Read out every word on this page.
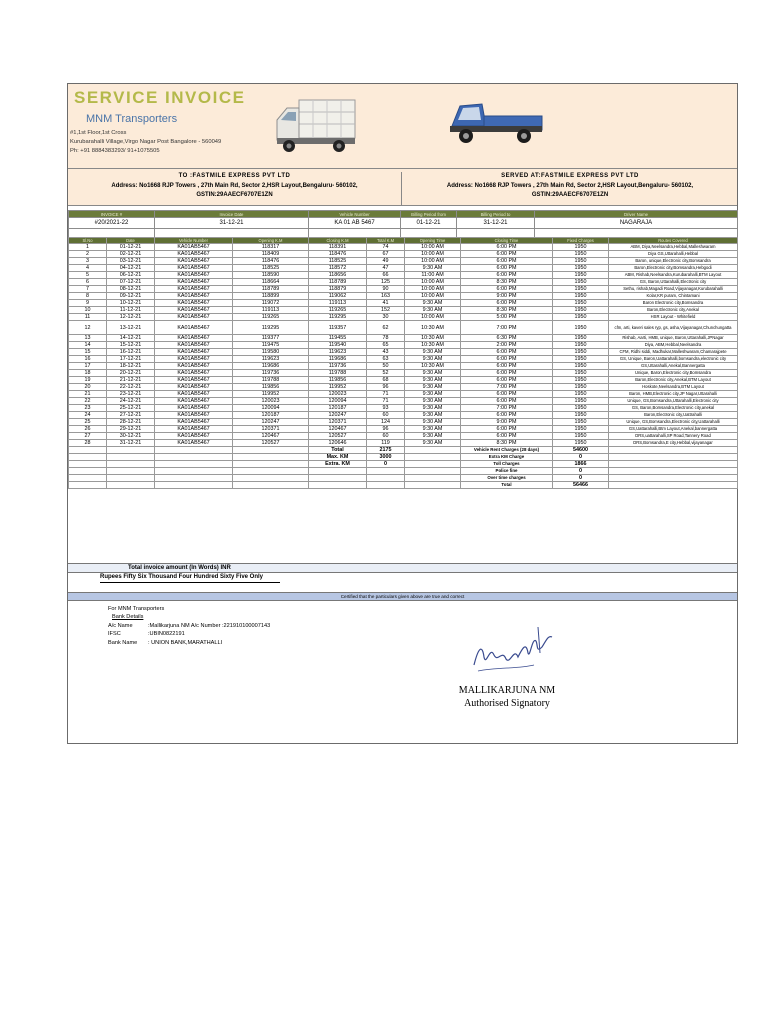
SERVICE INVOICE
MNM Transporters
#1,1st Floor,1st Cross
Kurubarahalli Village,Virgo Nagar Post Bangalore - 560049
Ph: +91 8884383293/ 91+1075505
TO :FASTMILE EXPRESS PVT LTD
Address: No1668 RJP Towers , 27th Main Rd, Sector 2,HSR Layout,Bengaluru- 560102,
GSTIN:29AAECF6707E1ZN
SERVED AT:FASTMILE EXPRESS PVT LTD
Address: No1668 RJP Towers , 27th Main Rd, Sector 2,HSR Layout,Bengaluru- 560102,
GSTIN:29AAECF6707E1ZN
INVOICE #	Invoice Date	Vehicle Number	Billing Period from	Billing Period to	Driver Name
#20/2021-22	31-12-21	KA 01 AB 5467	01-12-21	31-12-21	NAGARAJA

Sl.No	Date	Vehicle Number	Opening K.M	Closing K.M	Total K.M	Opening Time	Closing Time	Fixed Charges	Routes Covered
1	01-12-21	KA01AB5467	118317	118391	74	10:00 AM	6:00 PM	1950	ABM, Diya,Neelsandra,Hebbal,Malleshwaram
2	02-12-21	KA01AB5467	118409	118476	67	10:00 AM	6:00 PM	1950	Diya GS,Uttarahalli,Hebbal
3	03-12-21	KA01AB5467	118476	118525	49	10:00 AM	6:00 PM	1950	Baron, unique,Electronic city,Bomsandra
4	04-12-21	KA01AB5467	118525	118572	47	9:30 AM	6:00 PM	1950	Baron,Electronic city,Bomsandra,Hebgodi
5	06-12-21	KA01AB5467	118590	118656	66	11:00 AM	6:00 PM	1950	ABM, Rishab,Neelsandra,Kurubarahalli,BTM Layout
6	07-12-21	KA01AB5467	118664	118789	125	10:00 AM	8:30 PM	1950	GS, Baron,Uttarahalli,Electronic city
7	08-12-21	KA01AB5467	118789	118879	90	10:00 AM	6:00 PM	1950	Sethu, rishab,Magadi Road,Vijayanagar,Kurubarahalli
8	09-12-21	KA01AB5467	118899	119062	163	10:00 AM	9:00 PM	1950	Kolar,KR puram, Chintamani
9	10-12-21	KA01AB5467	119072	119113	41	9:30 AM	6:00 PM	1950	Baron Electronic city,Bomsandra
10	11-12-21	KA01AB5467	119113	119265	152	9:30 AM	8:30 PM	1950	Baron,Electronic city,Anekal
11	12-12-21	KA01AB5467	119265	119295	30	10:00 AM	5:00 PM	1950	HSR Layout - Whitefield
12	13-12-21	KA01AB5467	119295	119357	62	10:30 AM	7:00 PM	1950	cfm, arti, kaveri sales ryp, gs, asha,Vijayanagar,Chunchungatta
13	14-12-21	KA01AB5467	119377	119455	78	10:30 AM	6:30 PM	1950	Rishab, Aarti, HMB, unique, Baron,Uttarahalli,JPNagar
14	15-12-21	KA01AB5467	119475	119540	65	10:30 AM	2:00 PM	1950	Diya, ABM,Hebbal,Neelsandra
15	16-12-21	KA01AB5467	119580	119623	43	9:30 AM	6:00 PM	1950	CFM, Ridhi siddi, Madhukar,Malleshwaram,Chamarajpete
16	17-12-21	KA01AB5467	119623	119686	63	9:30 AM	6:00 PM	1950	GS, Unique, Baron,Uattarahalli,bomsandra,electronic city
17	18-12-21	KA01AB5467	119686	119736	50	10:30 AM	6:00 PM	1950	GS,Uttarahalli,Anekal,Bannergatta
18	20-12-21	KA01AB5467	119736	119788	52	9:30 AM	6:00 PM	1950	Unique, Baron,Electronic city,Bomsandra
19	21-12-21	KA01AB5467	119788	119856	68	9:30 AM	6:00 PM	1950	Baron,Electronic city,Anekal,BTM Layout
20	22-12-21	KA01AB5467	119856	119952	96	9:30 AM	7:00 PM	1950	Hoskote,Neelsandra,BTM Layout
21	23-12-21	KA01AB5467	119952	120023	71	9:30 AM	6:00 PM	1950	Baron, HMB,Electronic city,JP Nagar,Uttarahalli
22	24-12-21	KA01AB5467	120023	120094	71	9:30 AM	6:00 PM	1950	Unique, GS,Bomsandra,Uttarahalli,Electronic city
23	25-12-21	KA01AB5467	120094	120187	93	9:30 AM	7:00 PM	1950	GS, Baron,Bomsandra,Electronic city,anekal
24	27-12-21	KA01AB5467	120187	120247	60	9:30 AM	6:00 PM	1950	Baron,Electronic city,Uattrahalli
25	28-12-21	KA01AB5467	120247	120371	124	9:30 AM	9:00 PM	1950	Unique, GS,Bomsandra,Electronic city,Uattarahalli
26	29-12-21	KA01AB5467	120371	120467	96	9:30 AM	6:00 PM	1950	GS,Uattarahalli,Btm Layout,Anekal,bannergatta
27	30-12-21	KA01AB5467	120467	120527	60	9:30 AM	6:00 PM	1950	DRS,uattarahalli,SP Road,Tannery Road
28	31-12-21	KA01AB5467	120527	120646	119	9:30 AM	8:30 PM	1950	DRS,Bomsandra,E city,Hebbal,vijayanagar
				Total	2175		Vehicle Rent Charges (28 days)	54600	
				Max. KM	3000		Extra KM Charge	0	
				Extra. KM	0		Toll Charges	1866	
							Police fine	0	
							Over time charges	0	
							Total	56466	
Total invoice amount (In Words) INR
Rupees Fifty Six Thousand Four Hundred Sixty Five Only
Certified that the particulars given above are true and correct
For MNM Transporters
Bank Details
A/c Name	:Mallikarjuna NM A/c Number :221910100007143
IFSC	:UBIN0822191
Bank Name : UNION BANK,MARATHALLI
MALLIKARJUNA NM
Authorised Signatory
